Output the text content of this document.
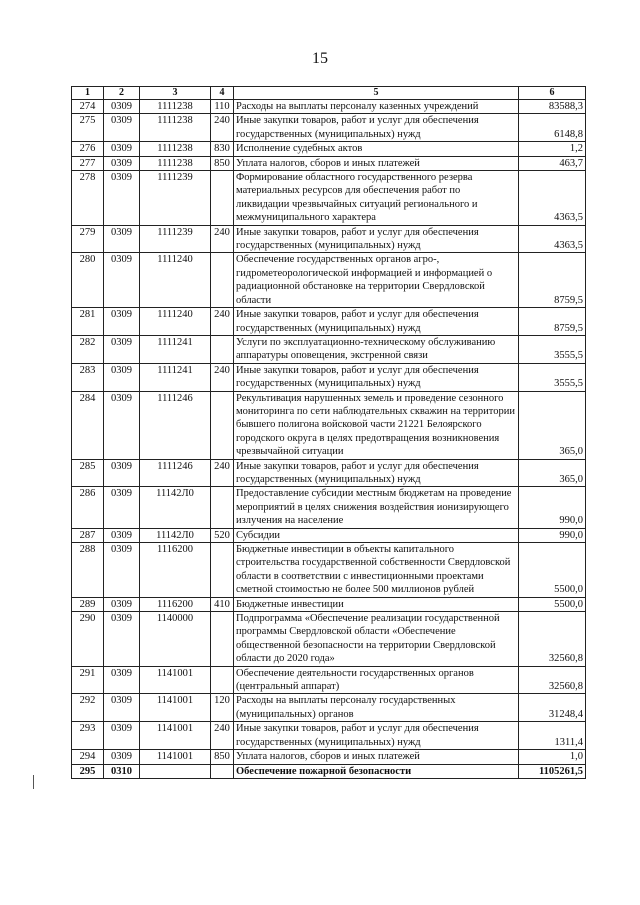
15
1	2	3	4	5	6
274	0309	1111238	110	Расходы на выплаты персоналу казенных учреждений	83588,3
275	0309	1111238	240	Иные закупки товаров, работ и услуг для обеспечения государственных (муниципальных) нужд	6148,8
276	0309	1111238	830	Исполнение судебных актов	1,2
277	0309	1111238	850	Уплата налогов, сборов и иных платежей	463,7
278	0309	1111239		Формирование областного государственного резерва материальных ресурсов для обеспечения работ по ликвидации чрезвычайных ситуаций регионального и межмуниципального характера	4363,5
279	0309	1111239	240	Иные закупки товаров, работ и услуг для обеспечения государственных (муниципальных) нужд	4363,5
280	0309	1111240		Обеспечение государственных органов агро-, гидрометеорологической информацией и информацией о радиационной обстановке на территории Свердловской области	8759,5
281	0309	1111240	240	Иные закупки товаров, работ и услуг для обеспечения государственных (муниципальных) нужд	8759,5
282	0309	1111241		Услуги по эксплуатационно-техническому обслуживанию аппаратуры оповещения, экстренной связи	3555,5
283	0309	1111241	240	Иные закупки товаров, работ и услуг для обеспечения государственных (муниципальных) нужд	3555,5
284	0309	1111246		Рекультивация нарушенных земель и проведение сезонного мониторинга по сети наблюдательных скважин на территории бывшего полигона войсковой части 21221 Белоярского городского округа в целях предотвращения возникновения чрезвычайной ситуации	365,0
285	0309	1111246	240	Иные закупки товаров, работ и услуг для обеспечения государственных (муниципальных) нужд	365,0
286	0309	11142Л0		Предоставление субсидии местным бюджетам на проведение мероприятий в целях снижения воздействия ионизирующего излучения на население	990,0
287	0309	11142Л0	520	Субсидии	990,0
288	0309	1116200		Бюджетные инвестиции в объекты капитального строительства государственной собственности Свердловской области в соответствии с инвестиционными проектами сметной стоимостью не более 500 миллионов рублей	5500,0
289	0309	1116200	410	Бюджетные инвестиции	5500,0
290	0309	1140000		Подпрограмма «Обеспечение реализации государственной программы Свердловской области «Обеспечение общественной безопасности на территории Свердловской области до 2020 года»	32560,8
291	0309	1141001		Обеспечение деятельности государственных органов (центральный аппарат)	32560,8
292	0309	1141001	120	Расходы на выплаты персоналу государственных (муниципальных) органов	31248,4
293	0309	1141001	240	Иные закупки товаров, работ и услуг для обеспечения государственных (муниципальных) нужд	1311,4
294	0309	1141001	850	Уплата налогов, сборов и иных платежей	1,0
295	0310			Обеспечение пожарной безопасности	1105261,5
